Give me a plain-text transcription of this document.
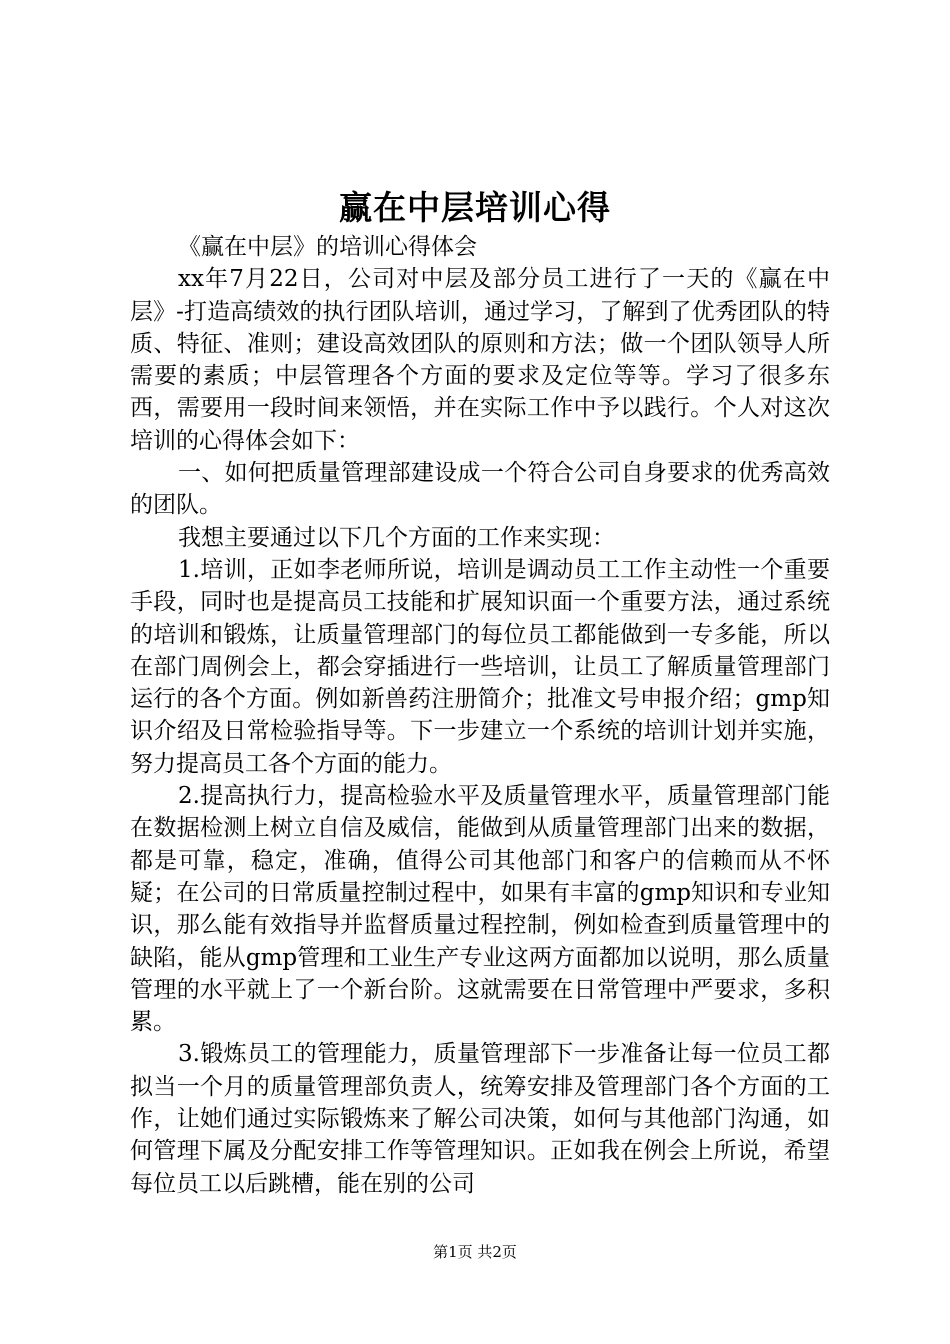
赢在中层培训心得

《赢在中层》的培训心得体会

xx年7月22日，公司对中层及部分员工进行了一天的《赢在中层》-打造高绩效的执行团队培训，通过学习，了解到了优秀团队的特质、特征、准则；建设高效团队的原则和方法；做一个团队领导人所需要的素质；中层管理各个方面的要求及定位等等。学习了很多东西，需要用一段时间来领悟，并在实际工作中予以践行。个人对这次培训的心得体会如下：

一、如何把质量管理部建设成一个符合公司自身要求的优秀高效的团队。

我想主要通过以下几个方面的工作来实现：

1.培训，正如李老师所说，培训是调动员工工作主动性一个重要手段，同时也是提高员工技能和扩展知识面一个重要方法，通过系统的培训和锻炼，让质量管理部门的每位员工都能做到一专多能，所以在部门周例会上，都会穿插进行一些培训，让员工了解质量管理部门运行的各个方面。例如新兽药注册简介；批准文号申报介绍；gmp知识介绍及日常检验指导等。下一步建立一个系统的培训计划并实施，努力提高员工各个方面的能力。

2.提高执行力，提高检验水平及质量管理水平，质量管理部门能在数据检测上树立自信及威信，能做到从质量管理部门出来的数据，都是可靠，稳定，准确，值得公司其他部门和客户的信赖而从不怀疑；在公司的日常质量控制过程中，如果有丰富的gmp知识和专业知识，那么能有效指导并监督质量过程控制，例如检查到质量管理中的缺陷，能从gmp管理和工业生产专业这两方面都加以说明，那么质量管理的水平就上了一个新台阶。这就需要在日常管理中严要求，多积累。

3.锻炼员工的管理能力，质量管理部下一步准备让每一位员工都拟当一个月的质量管理部负责人，统筹安排及管理部门各个方面的工作，让她们通过实际锻炼来了解公司决策，如何与其他部门沟通，如何管理下属及分配安排工作等管理知识。正如我在例会上所说，希望每位员工以后跳槽，能在别的公司

第1页 共2页
